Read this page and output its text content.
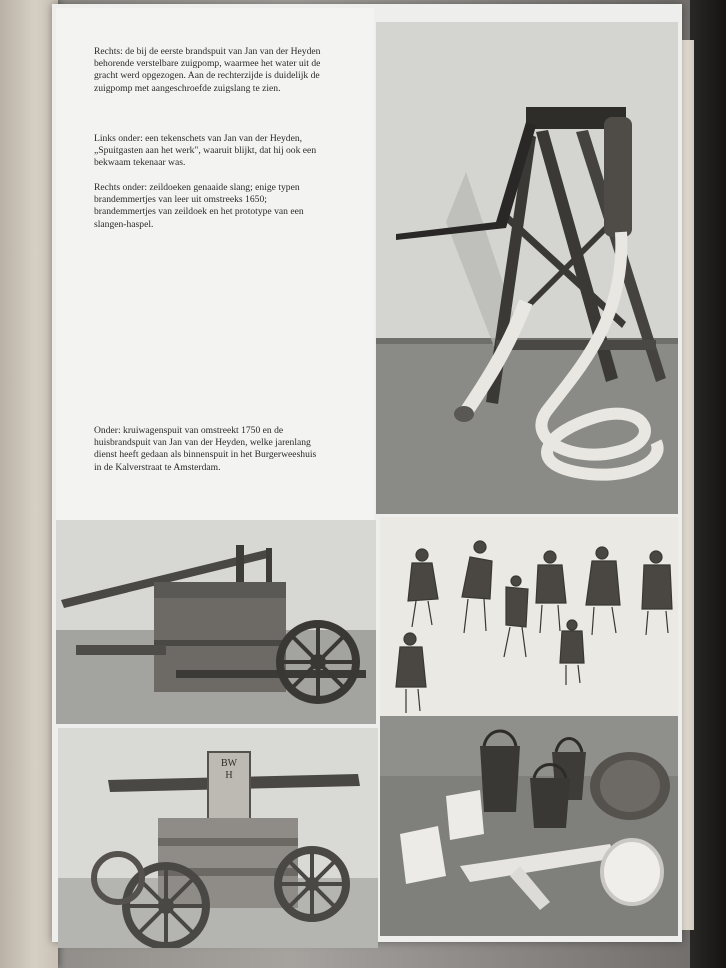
Rechts: de bij de eerste brandspuit van Jan van der Heyden behorende verstelbare zuigpomp, waarmee het water uit de gracht werd opgezogen. Aan de rechterzijde is duidelijk de zuigpomp met aangeschroefde zuigslang te zien.

Links onder: een tekenschets van Jan van der Heyden, „Spuitgasten aan het werk", waaruit blijkt, dat hij ook een bekwaam tekenaar was.

Rechts onder: zeildoeken genaaide slang; enige typen brandemmertjes van leer uit omstreeks 1650; brandemmertjes van zeildoek en het prototype van een slangen-haspel.

Onder: kruiwagenspuit van omstreekt 1750 en de huisbrandspuit van Jan van der Heyden, welke jarenlang dienst heeft gedaan als binnenspuit in het Burgerweeshuis in de Kalverstraat te Amsterdam.

BW
H
